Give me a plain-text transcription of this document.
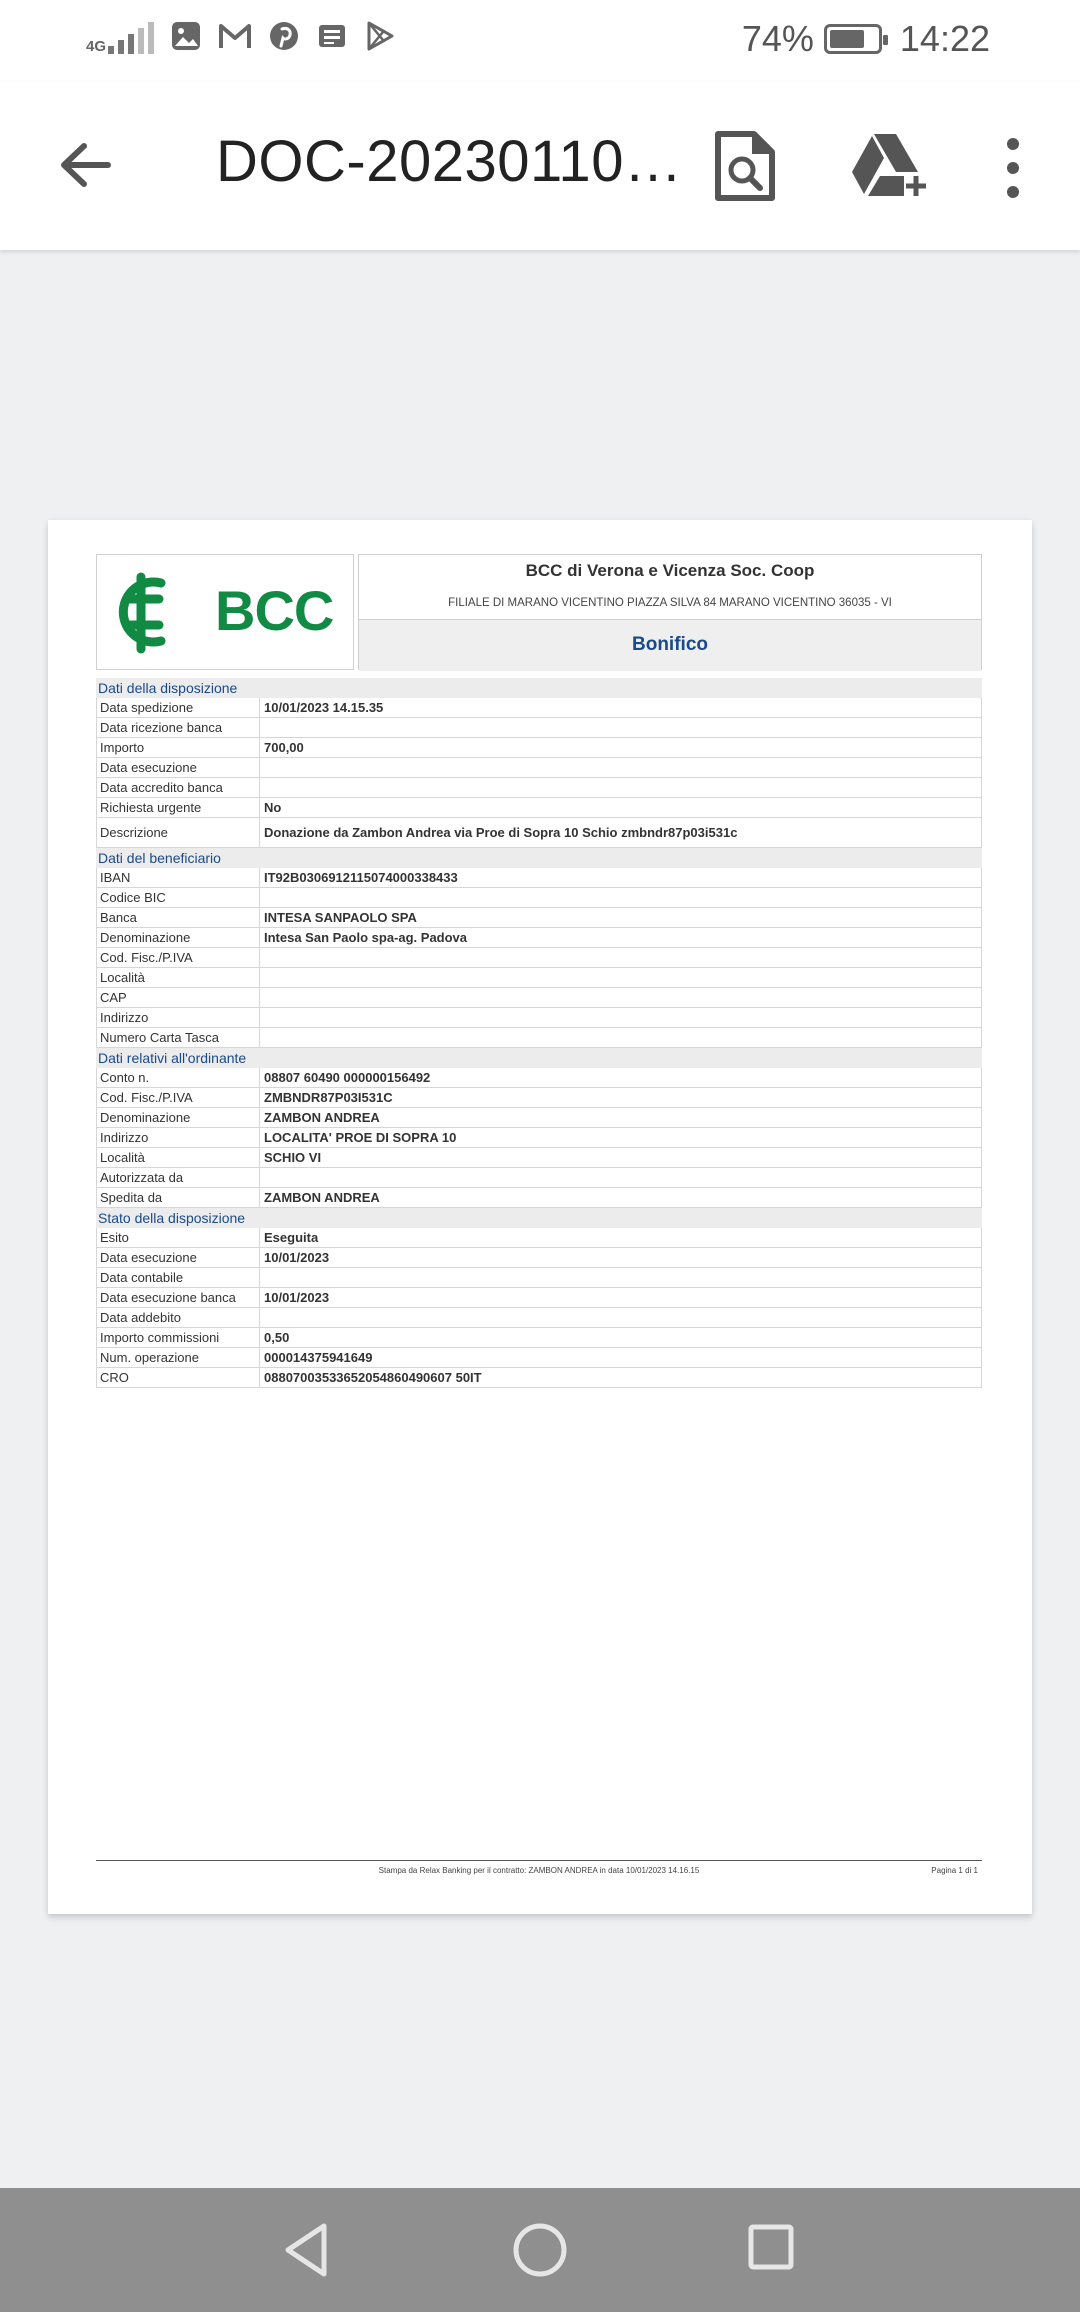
4G	74% 14:22
DOC-20230110…
BCC
BCC di Verona e Vicenza Soc. Coop
FILIALE DI MARANO VICENTINO PIAZZA SILVA 84 MARANO VICENTINO 36035 - VI
Bonifico
Dati della disposizione
Data spedizione	10/01/2023 14.15.35
Data ricezione banca
Importo	700,00
Data esecuzione
Data accredito banca
Richiesta urgente	No
Descrizione	Donazione da Zambon Andrea via Proe di Sopra 10 Schio zmbndr87p03i531c
Dati del beneficiario
IBAN	IT92B0306912115074000338433
Codice BIC
Banca	INTESA SANPAOLO SPA
Denominazione	Intesa San Paolo spa-ag. Padova
Cod. Fisc./P.IVA
Località
CAP
Indirizzo
Numero Carta Tasca
Dati relativi all'ordinante
Conto n.	08807 60490 000000156492
Cod. Fisc./P.IVA	ZMBNDR87P03I531C
Denominazione	ZAMBON ANDREA
Indirizzo	LOCALITA' PROE DI SOPRA 10
Località	SCHIO VI
Autorizzata da
Spedita da	ZAMBON ANDREA
Stato della disposizione
Esito	Eseguita
Data esecuzione	10/01/2023
Data contabile
Data esecuzione banca	10/01/2023
Data addebito
Importo commissioni	0,50
Num. operazione	000014375941649
CRO	08807003533652054860490607 50IT
Stampa da Relax Banking per il contratto: ZAMBON ANDREA in data 10/01/2023 14.16.15	Pagina 1 di 1
